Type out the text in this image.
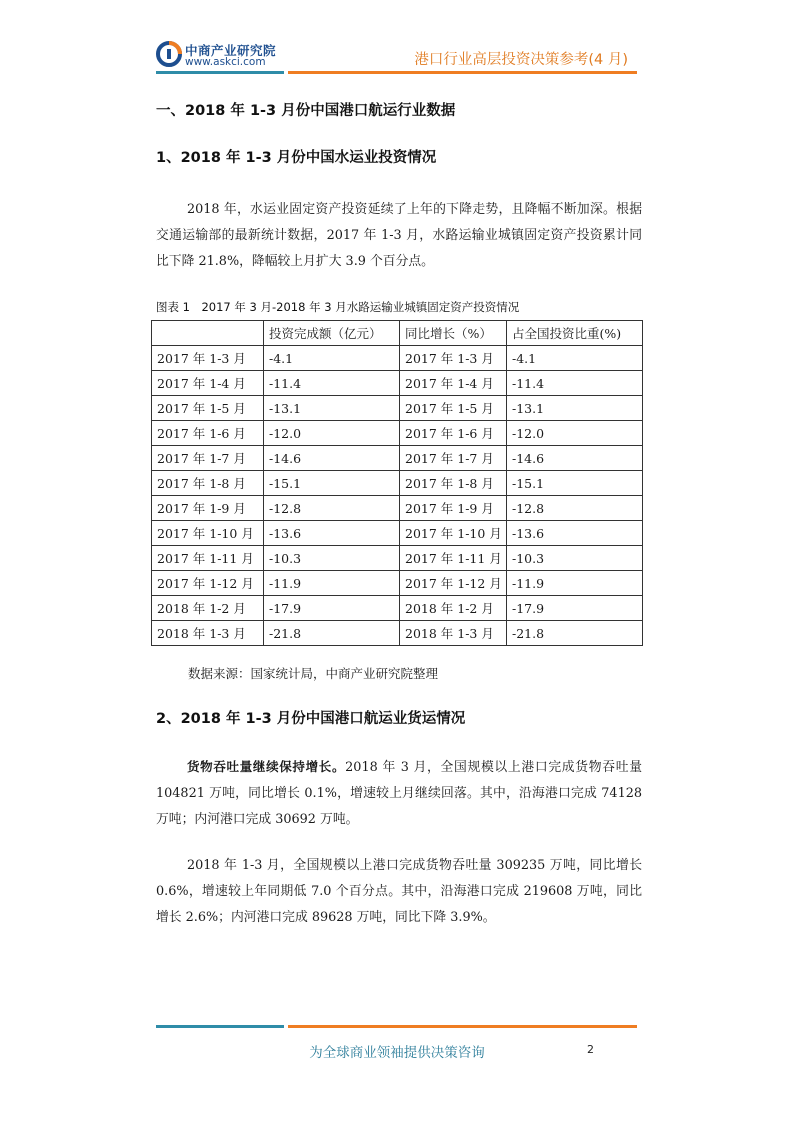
中商产业研究院
www.askci.com	港口行业高层投资决策参考(4 月)
一、2018 年 1-3 月份中国港口航运行业数据
1、2018 年 1-3 月份中国水运业投资情况

2018 年，水运业固定资产投资延续了上年的下降走势，且降幅不断加深。根据交通运输部的最新统计数据，2017 年 1-3 月，水路运输业城镇固定资产投资累计同比下降 21.8%，降幅较上月扩大 3.9 个百分点。

图表 1　2017 年 3 月-2018 年 3 月水路运输业城镇固定资产投资情况
	投资完成额（亿元）	同比增长（%）	占全国投资比重(%)
2017 年 1-3 月	-4.1	2017 年 1-3 月	-4.1
2017 年 1-4 月	-11.4	2017 年 1-4 月	-11.4
2017 年 1-5 月	-13.1	2017 年 1-5 月	-13.1
2017 年 1-6 月	-12.0	2017 年 1-6 月	-12.0
2017 年 1-7 月	-14.6	2017 年 1-7 月	-14.6
2017 年 1-8 月	-15.1	2017 年 1-8 月	-15.1
2017 年 1-9 月	-12.8	2017 年 1-9 月	-12.8
2017 年 1-10 月	-13.6	2017 年 1-10 月	-13.6
2017 年 1-11 月	-10.3	2017 年 1-11 月	-10.3
2017 年 1-12 月	-11.9	2017 年 1-12 月	-11.9
2018 年 1-2 月	-17.9	2018 年 1-2 月	-17.9
2018 年 1-3 月	-21.8	2018 年 1-3 月	-21.8
数据来源：国家统计局，中商产业研究院整理
2、2018 年 1-3 月份中国港口航运业货运情况

货物吞吐量继续保持增长。2018 年 3 月，全国规模以上港口完成货物吞吐量 104821 万吨，同比增长 0.1%，增速较上月继续回落。其中，沿海港口完成 74128 万吨；内河港口完成 30692 万吨。

2018 年 1-3 月，全国规模以上港口完成货物吞吐量 309235 万吨，同比增长 0.6%，增速较上年同期低 7.0 个百分点。其中，沿海港口完成 219608 万吨，同比增长 2.6%；内河港口完成 89628 万吨，同比下降 3.9%。

为全球商业领袖提供决策咨询	2
